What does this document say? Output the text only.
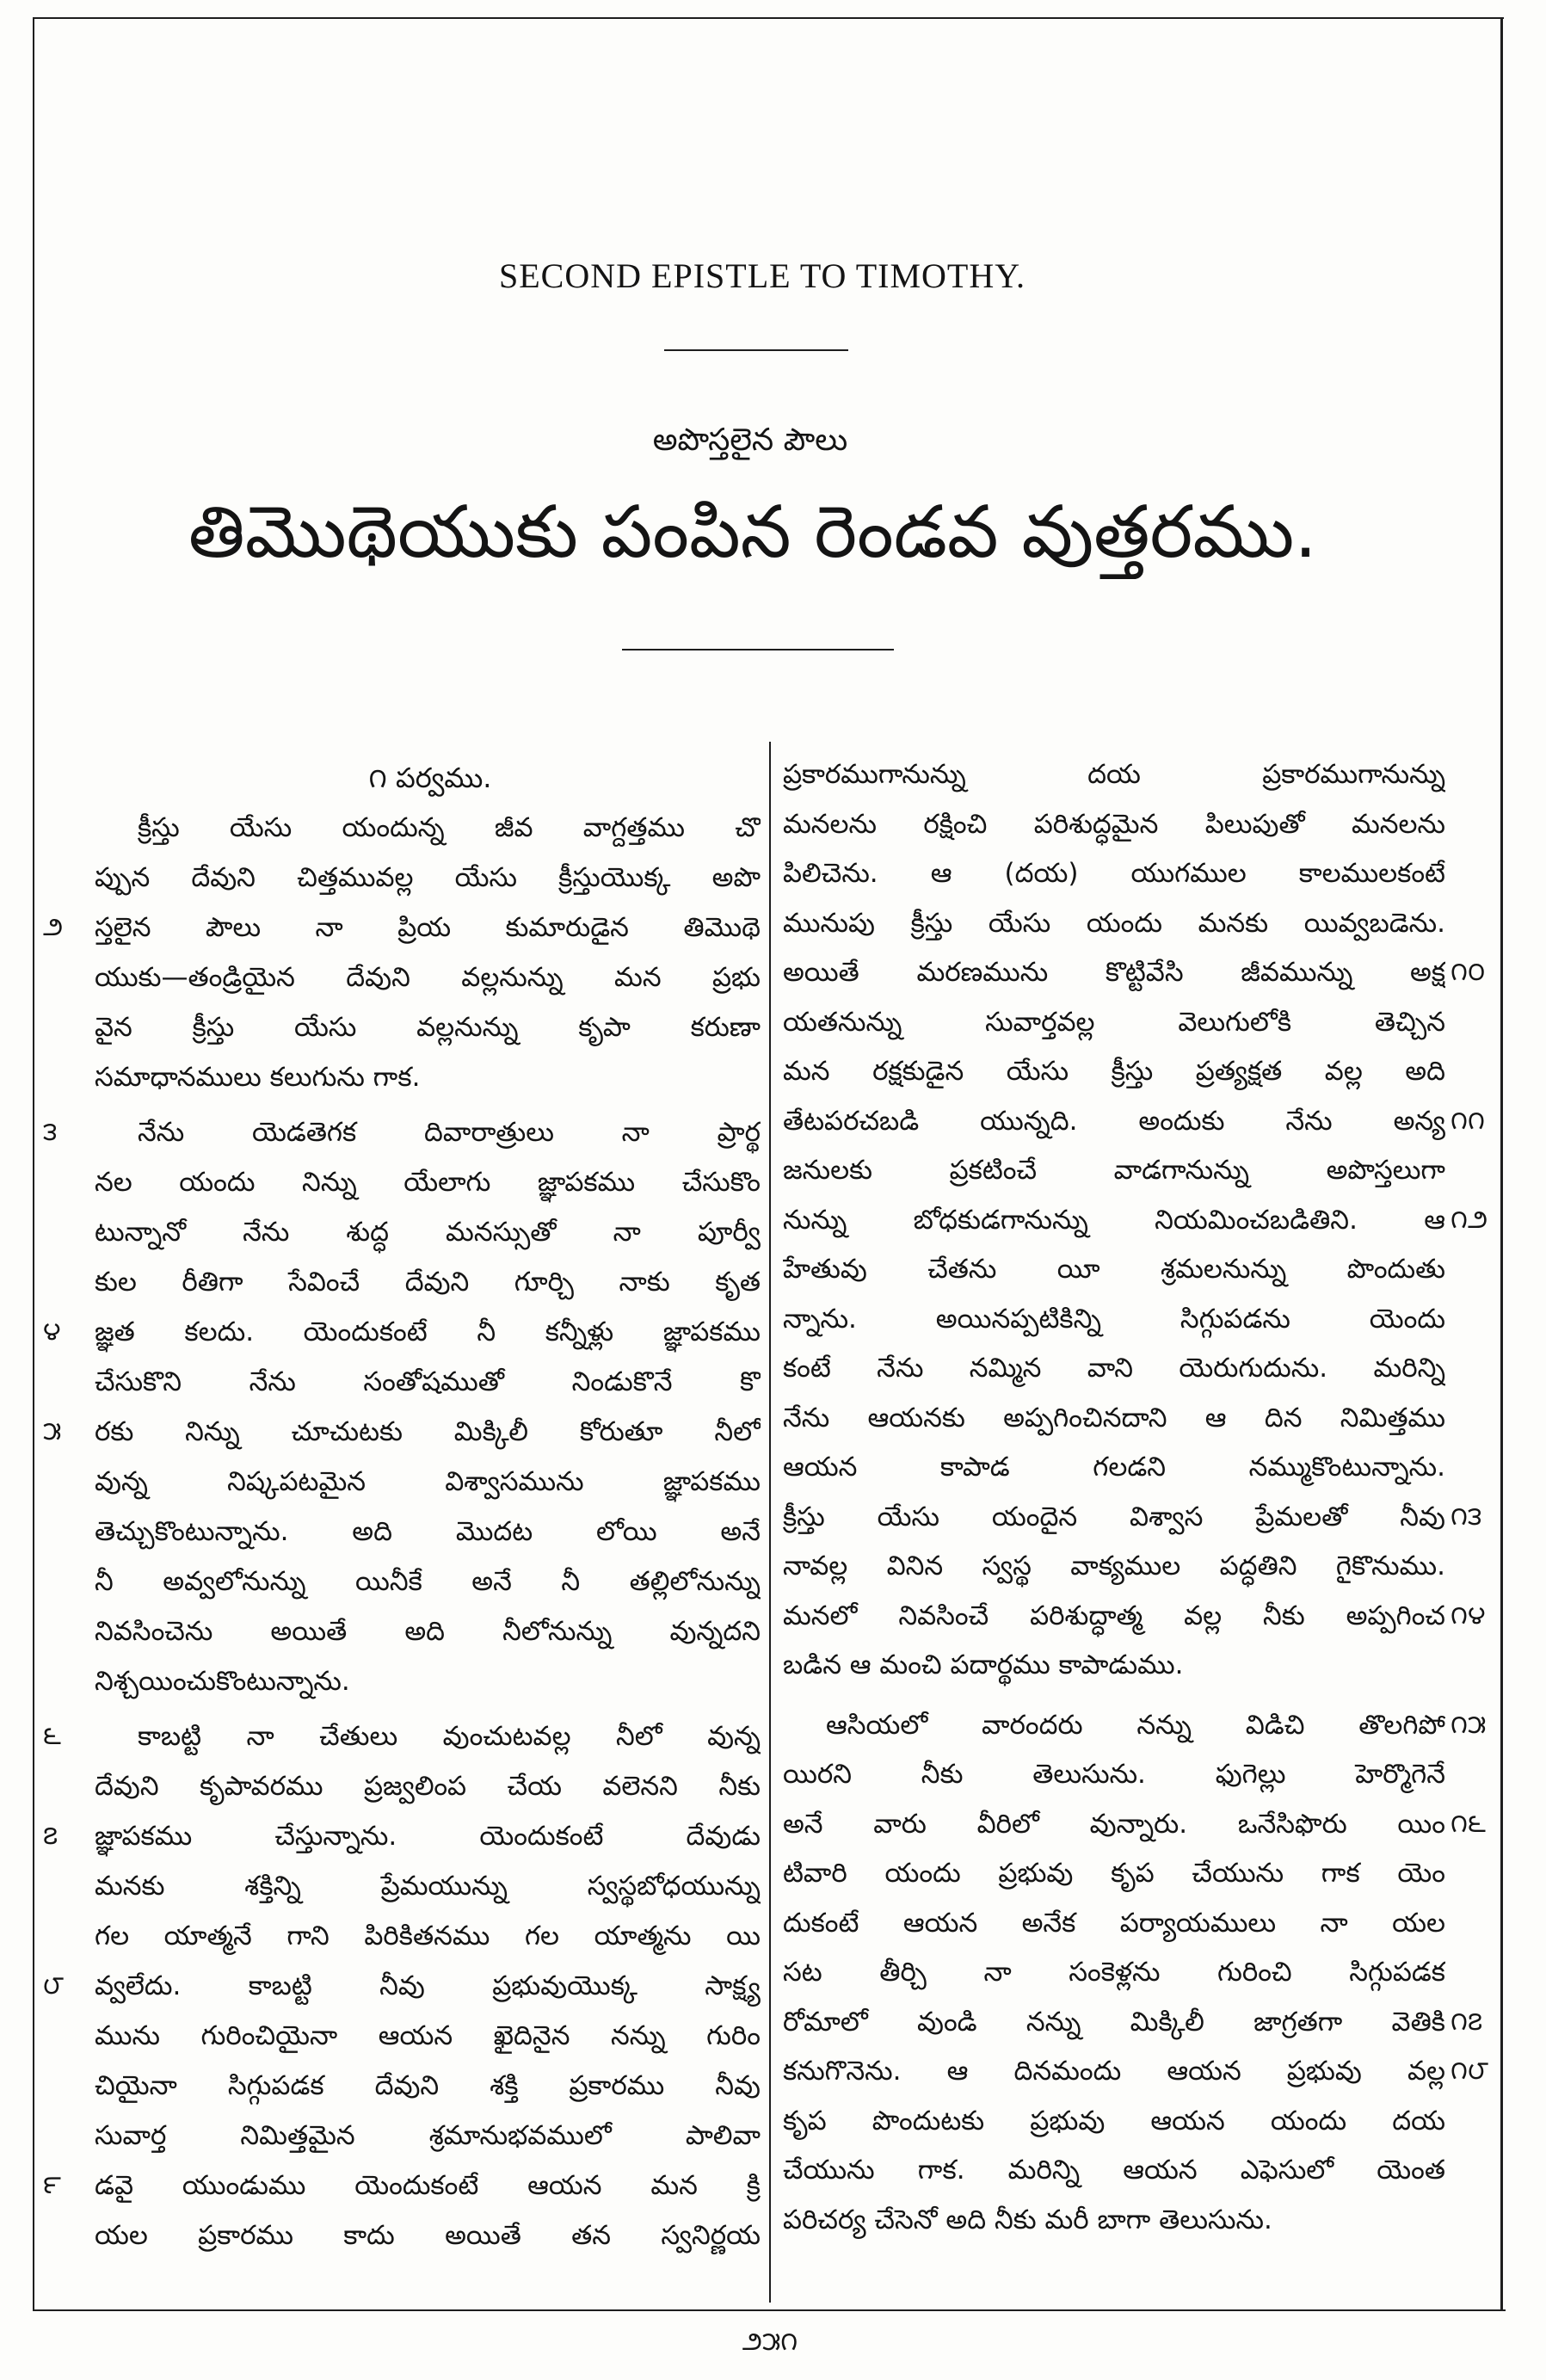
SECOND EPISTLE TO TIMOTHY.
అపొస్తలైన పౌలు
తిమొథెయుకు పంపిన రెండవ వుత్తరము.
౧ పర్వము.
క్రీస్తు యేసు యందున్న జీవ వాగ్దత్తము చొ
ప్పున దేవుని చిత్తమువల్ల యేసు క్రీస్తుయొక్క అపొ
స్తలైన పౌలు నా ప్రియ కుమారుడైన తిమొథె
౨
యుకు—తండ్రియైన దేవుని వల్లనున్ను మన ప్రభు
వైన క్రీస్తు యేసు వల్లనున్ను కృపా కరుణా
సమాధానములు కలుగును గాక.
నేను యెడతెగక దివారాత్రులు నా ప్రార్థ
౩
నల యందు నిన్ను యేలాగు జ్ఞాపకము చేసుకొం
టున్నానో నేను శుద్ధ మనస్సుతో నా పూర్వీ
కుల రీతిగా సేవించే దేవుని గూర్చి నాకు కృత
జ్ఞత కలదు. యెందుకంటే నీ కన్నీళ్లు జ్ఞాపకము
౪
చేసుకొని నేను సంతోషముతో నిండుకొనే కొ
రకు నిన్ను చూచుటకు మిక్కిలీ కోరుతూ నీలో
౫
వున్న నిష్కపటమైన విశ్వాసమును జ్ఞాపకము
తెచ్చుకొంటున్నాను. అది మొదట లోయి అనే
నీ అవ్వలోనున్ను యినీకే అనే నీ తల్లిలోనున్ను
నివసించెను అయితే అది నీలోనున్ను వున్నదని
నిశ్చయించుకొంటున్నాను.
కాబట్టి నా చేతులు వుంచుటవల్ల నీలో వున్న
౬
దేవుని కృపావరము ప్రజ్వలింప చేయ వలెనని నీకు
జ్ఞాపకము చేస్తున్నాను. యెందుకంటే దేవుడు
౭
మనకు శక్తిన్ని ప్రేమయున్ను స్వస్థబోధయున్ను
గల యాత్మనే గాని పిరికితనము గల యాత్మను యి
వ్వలేదు. కాబట్టి నీవు ప్రభువుయొక్క సాక్ష్య
౮
మును గురించియైనా ఆయన ఖైదినైన నన్ను గురిం
చియైనా సిగ్గుపడక దేవుని శక్తి ప్రకారము నీవు
సువార్త నిమిత్తమైన శ్రమానుభవములో పాలివా
డవై యుండుము యెందుకంటే ఆయన మన క్రి
౯
యల ప్రకారము కాదు అయితే తన స్వనిర్ణయ
ప్రకారముగానున్ను దయ ప్రకారముగానున్ను
మనలను రక్షించి పరిశుద్ధమైన పిలుపుతో మనలను
పిలిచెను. ఆ (దయ) యుగముల కాలములకంటే
మునుపు క్రీస్తు యేసు యందు మనకు యివ్వబడెను.
అయితే మరణమును కొట్టివేసి జీవమున్ను అక్ష ౧౦
యతనున్ను సువార్తవల్ల వెలుగులోకి తెచ్చిన
మన రక్షకుడైన యేసు క్రీస్తు ప్రత్యక్షత వల్ల అది
తేటపరచబడి యున్నది. అందుకు నేను అన్య ౧౧
జనులకు ప్రకటించే వాడగానున్ను అపొస్తలుగా
నున్ను బోధకుడగానున్ను నియమించబడితిని. ఆ ౧౨
హేతువు చేతను యీ శ్రమలనున్ను పొందుతు
న్నాను. అయినప్పటికిన్ని సిగ్గుపడను యెందు
కంటే నేను నమ్మిన వాని యెరుగుదును. మరిన్ని
నేను ఆయనకు అప్పగించినదాని ఆ దిన నిమిత్తము
ఆయన కాపాడ గలడని నమ్ముకొంటున్నాను.
క్రీస్తు యేసు యందైన విశ్వాస ప్రేమలతో నీవు ౧౩
నావల్ల వినిన స్వస్థ వాక్యముల పద్ధతిని గైకొనుము.
మనలో నివసించే పరిశుద్ధాత్మ వల్ల నీకు అప్పగించ ౧౪
బడిన ఆ మంచి పదార్థము కాపాడుము.
ఆసియలో వారందరు నన్ను విడిచి తొలగిపో ౧౫
యిరని నీకు తెలుసును. ఫుగెల్లు హెర్మొగెనే
అనే వారు వీరిలో వున్నారు. ఒనేసిఫొరు యిం ౧౬
టివారి యందు ప్రభువు కృప చేయును గాక యెం
దుకంటే ఆయన అనేక పర్యాయములు నా యల
సట తీర్చి నా సంకెళ్లను గురించి సిగ్గుపడక
రోమాలో వుండి నన్ను మిక్కిలీ జాగ్రతగా వెతికి ౧౭
కనుగొనెను. ఆ దినమందు ఆయన ప్రభువు వల్ల ౧౮
కృప పొందుటకు ప్రభువు ఆయన యందు దయ
చేయును గాక. మరిన్ని ఆయన ఎఫెసులో యెంత
పరిచర్య చేసెనో అది నీకు మరీ బాగా తెలుసును.
౨౫౧
